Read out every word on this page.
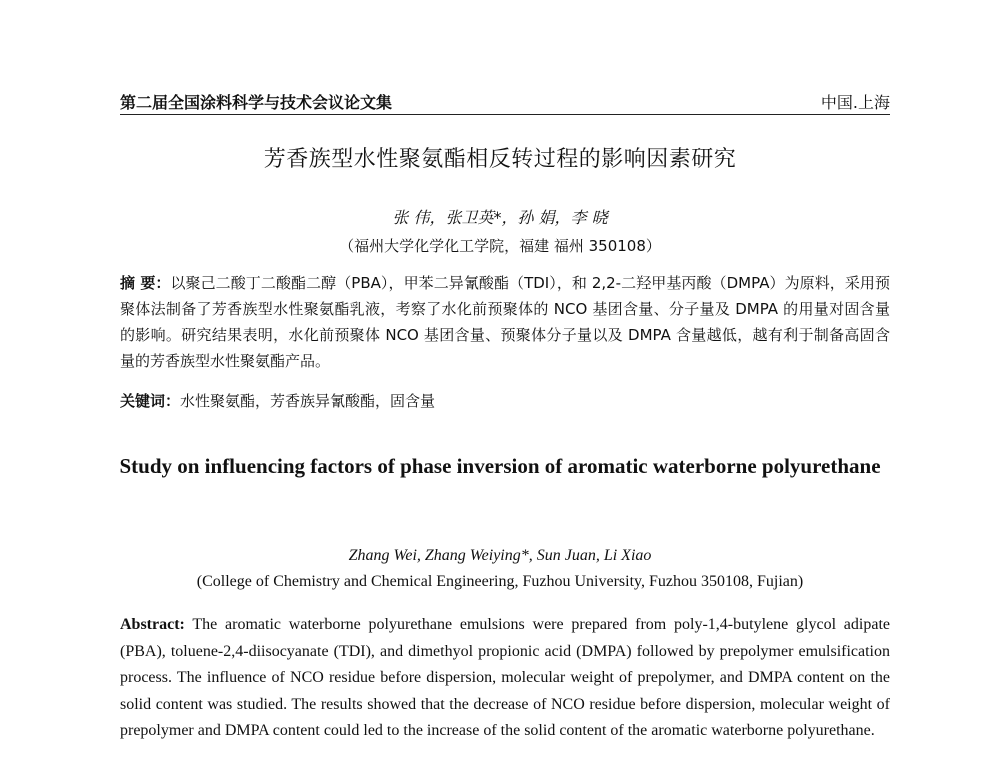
第二届全国涂料科学与技术会议论文集	中国.上海
芳香族型水性聚氨酯相反转过程的影响因素研究
张 伟，张卫英*，孙 娟，李 晓
（福州大学化学化工学院，福建 福州 350108）
摘 要：以聚己二酸丁二酸酯二醇（PBA），甲苯二异氰酸酯（TDI），和 2,2-二羟甲基丙酸（DMPA）为原料，采用预聚体法制备了芳香族型水性聚氨酯乳液，考察了水化前预聚体的 NCO 基团含量、分子量及 DMPA 的用量对固含量的影响。研究结果表明，水化前预聚体 NCO 基团含量、预聚体分子量以及 DMPA 含量越低，越有利于制备高固含量的芳香族型水性聚氨酯产品。
关键词：水性聚氨酯，芳香族异氰酸酯，固含量
Study on influencing factors of phase inversion of aromatic waterborne polyurethane
Zhang Wei, Zhang Weiying*, Sun Juan, Li Xiao
(College of Chemistry and Chemical Engineering, Fuzhou University, Fuzhou 350108, Fujian)
Abstract: The aromatic waterborne polyurethane emulsions were prepared from poly-1,4-butylene glycol adipate (PBA), toluene-2,4-diisocyanate (TDI), and dimethyol propionic acid (DMPA) followed by prepolymer emulsification process. The influence of NCO residue before dispersion, molecular weight of prepolymer, and DMPA content on the solid content was studied. The results showed that the decrease of NCO residue before dispersion, molecular weight of prepolymer and DMPA content could led to the increase of the solid content of the aromatic waterborne polyurethane.
